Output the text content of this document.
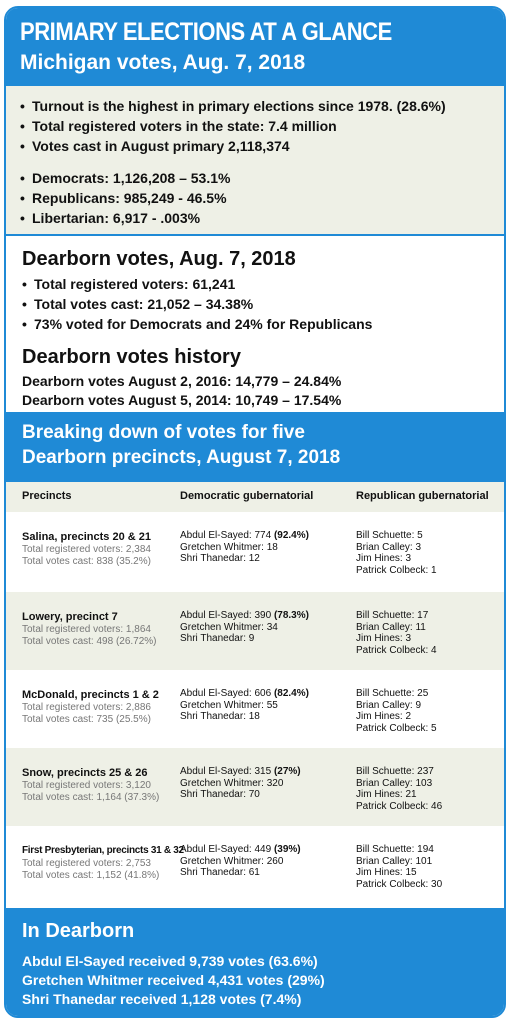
PRIMARY ELECTIONS AT A GLANCE
Michigan votes, Aug. 7, 2018
• Turnout is the highest in primary elections since 1978. (28.6%)
• Total registered voters in the state: 7.4 million
• Votes cast in August primary 2,118,374
• Democrats: 1,126,208 – 53.1%
• Republicans: 985,249 - 46.5%
• Libertarian: 6,917 - .003%
Dearborn votes, Aug. 7, 2018
• Total registered voters: 61,241
• Total votes cast: 21,052 – 34.38%
• 73% voted for Democrats and 24% for Republicans
Dearborn votes history
Dearborn votes August 2, 2016: 14,779 – 24.84%
Dearborn votes August 5, 2014: 10,749 – 17.54%
Breaking down of votes for five
Dearborn precincts, August 7, 2018
Precincts	Democratic gubernatorial	Republican gubernatorial
Salina, precincts 20 & 21
Total registered voters: 2,384
Total votes cast: 838 (35.2%)
Abdul El-Sayed: 774 (92.4%)
Gretchen Whitmer: 18
Shri Thanedar: 12
Bill Schuette: 5
Brian Calley: 3
Jim Hines: 3
Patrick Colbeck: 1
Lowery, precinct 7
Total registered voters: 1,864
Total votes cast: 498 (26.72%)
Abdul El-Sayed: 390 (78.3%)
Gretchen Whitmer: 34
Shri Thanedar: 9
Bill Schuette: 17
Brian Calley: 11
Jim Hines: 3
Patrick Colbeck: 4
McDonald, precincts 1 & 2
Total registered voters: 2,886
Total votes cast: 735 (25.5%)
Abdul El-Sayed: 606 (82.4%)
Gretchen Whitmer: 55
Shri Thanedar: 18
Bill Schuette: 25
Brian Calley: 9
Jim Hines: 2
Patrick Colbeck: 5
Snow, precincts 25 & 26
Total registered voters: 3,120
Total votes cast: 1,164 (37.3%)
Abdul El-Sayed: 315 (27%)
Gretchen Whitmer: 320
Shri Thanedar: 70
Bill Schuette: 237
Brian Calley: 103
Jim Hines: 21
Patrick Colbeck: 46
First Presbyterian, precincts 31 & 32
Total registered voters: 2,753
Total votes cast: 1,152 (41.8%)
Abdul El-Sayed: 449 (39%)
Gretchen Whitmer: 260
Shri Thanedar: 61
Bill Schuette: 194
Brian Calley: 101
Jim Hines: 15
Patrick Colbeck: 30
In Dearborn
Abdul El-Sayed received 9,739 votes (63.6%)
Gretchen Whitmer received 4,431 votes (29%)
Shri Thanedar received 1,128 votes (7.4%)
